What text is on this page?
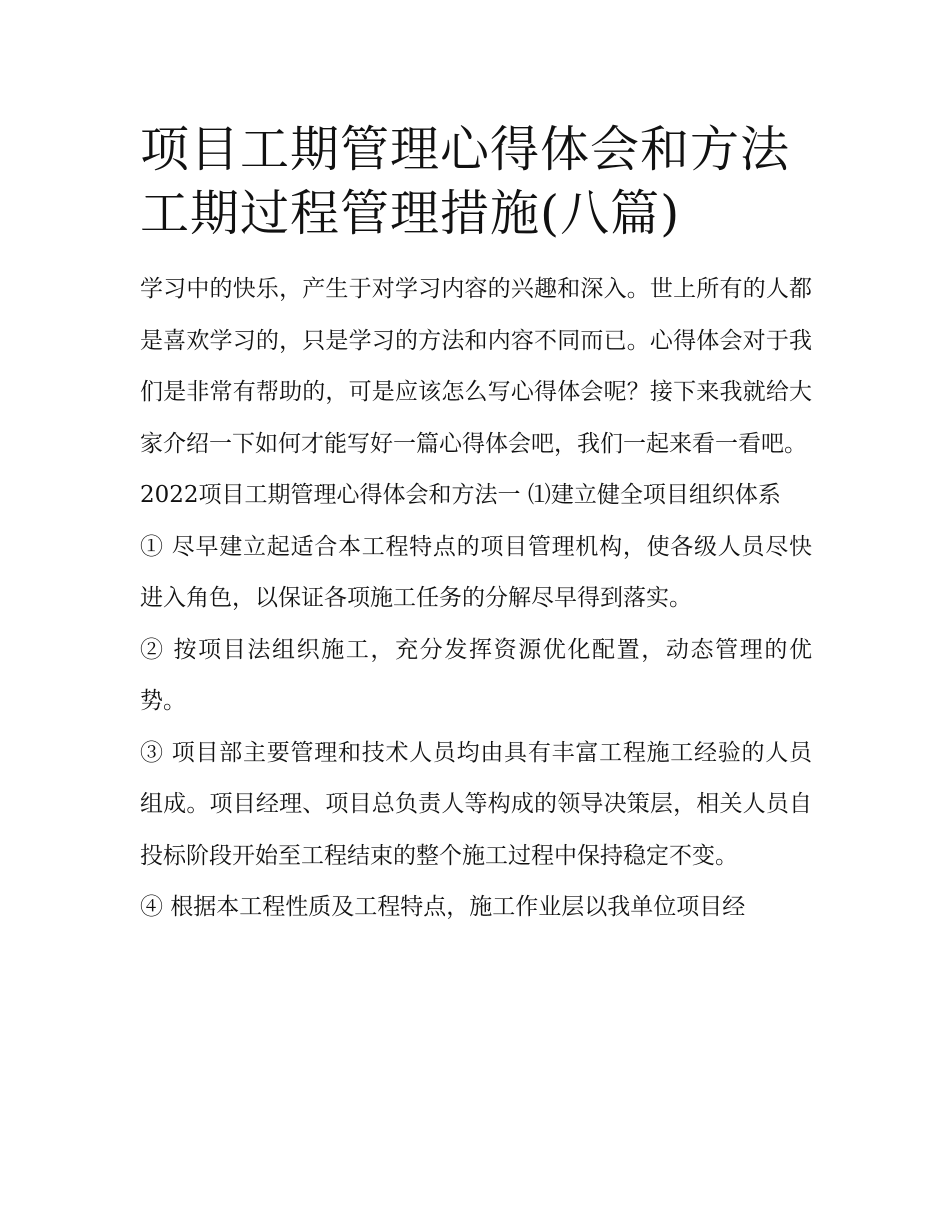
项目工期管理心得体会和方法
工期过程管理措施(八篇)

学习中的快乐，产生于对学习内容的兴趣和深入。世上所有的人都是喜欢学习的，只是学习的方法和内容不同而已。心得体会对于我们是非常有帮助的，可是应该怎么写心得体会呢？接下来我就给大家介绍一下如何才能写好一篇心得体会吧，我们一起来看一看吧。

2022项目工期管理心得体会和方法一 ⑴建立健全项目组织体系

① 尽早建立起适合本工程特点的项目管理机构，使各级人员尽快进入角色，以保证各项施工任务的分解尽早得到落实。

② 按项目法组织施工，充分发挥资源优化配置，动态管理的优势。

③ 项目部主要管理和技术人员均由具有丰富工程施工经验的人员组成。项目经理、项目总负责人等构成的领导决策层，相关人员自投标阶段开始至工程结束的整个施工过程中保持稳定不变。

④ 根据本工程性质及工程特点，施工作业层以我单位项目经
